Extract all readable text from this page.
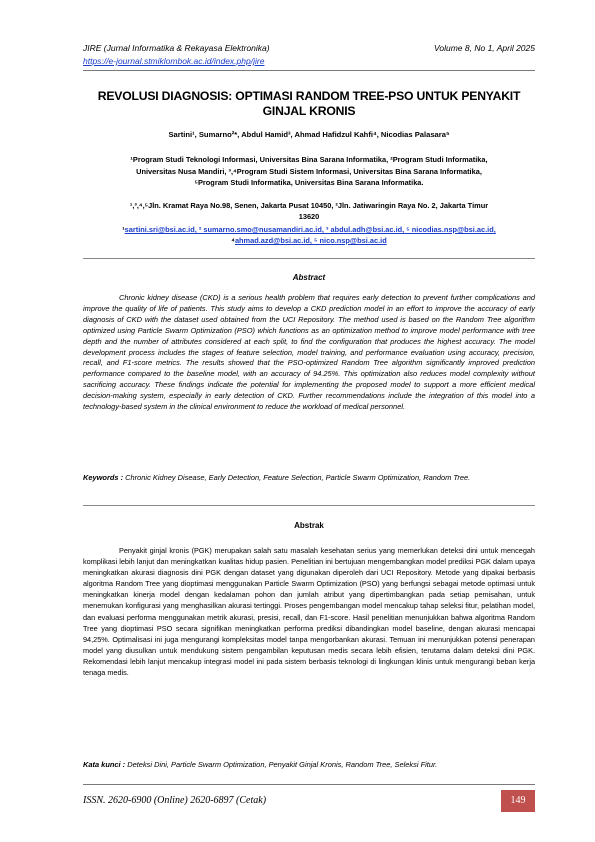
JIRE (Jurnal Informatika & Rekayasa Elektronika)	Volume 8, No 1, April 2025
https://e-journal.stmiklombok.ac.id/index.php/jire
REVOLUSI DIAGNOSIS: OPTIMASI RANDOM TREE-PSO UNTUK PENYAKIT GINJAL KRONIS
Sartini¹, Sumarno²*, Abdul Hamid³, Ahmad Hafidzul Kahfi⁴, Nicodias Palasara⁵
¹Program Studi Teknologi Informasi, Universitas Bina Sarana Informatika, ²Program Studi Informatika,
Universitas Nusa Mandiri, ³,⁴Program Studi Sistem Informasi, Universitas Bina Sarana Informatika,
⁵Program Studi Informatika, Universitas Bina Sarana Informatika.
¹,³,⁴,⁵Jln. Kramat Raya No.98, Senen, Jakarta Pusat 10450, ²Jln. Jatiwaringin Raya No. 2, Jakarta Timur
13620
¹sartini.sri@bsi.ac.id, ² sumarno.smo@nusamandiri.ac.id, ³ abdul.adh@bsi.ac.id, ⁵ nicodias.nsp@bsi.ac.id,
⁴ahmad.azd@bsi.ac.id, ⁵ nico.nsp@bsi.ac.id
Abstract
Chronic kidney disease (CKD) is a serious health problem that requires early detection to prevent further complications and improve the quality of life of patients. This study aims to develop a CKD prediction model in an effort to improve the accuracy of early diagnosis of CKD with the dataset used obtained from the UCI Repository. The method used is based on the Random Tree algorithm optimized using Particle Swarm Optimization (PSO) which functions as an optimization method to improve model performance with tree depth and the number of attributes considered at each split, to find the configuration that produces the highest accuracy. The model development process includes the stages of feature selection, model training, and performance evaluation using accuracy, precision, recall, and F1-score metrics. The results showed that the PSO-optimized Random Tree algorithm significantly improved prediction performance compared to the baseline model, with an accuracy of 94.25%. This optimization also reduces model complexity without sacrificing accuracy. These findings indicate the potential for implementing the proposed model to support a more efficient medical decision-making system, especially in early detection of CKD. Further recommendations include the integration of this model into a technology-based system in the clinical environment to reduce the workload of medical personnel.
Keywords : Chronic Kidney Disease, Early Detection, Feature Selection, Particle Swarm Optimization, Random Tree.
Abstrak
Penyakit ginjal kronis (PGK) merupakan salah satu masalah kesehatan serius yang memerlukan deteksi dini untuk mencegah komplikasi lebih lanjut dan meningkatkan kualitas hidup pasien. Penelitian ini bertujuan mengembangkan model prediksi PGK dalam upaya meningkatkan akurasi diagnosis dini PGK dengan dataset yang digunakan diperoleh dari UCI Repository. Metode yang dipakai berbasis algoritma Random Tree yang dioptimasi menggunakan Particle Swarm Optimization (PSO) yang berfungsi sebagai metode optimasi untuk meningkatkan kinerja model dengan kedalaman pohon dan jumlah atribut yang dipertimbangkan pada setiap pemisahan, untuk menemukan konfigurasi yang menghasilkan akurasi tertinggi. Proses pengembangan model mencakup tahap seleksi fitur, pelatihan model, dan evaluasi performa menggunakan metrik akurasi, presisi, recall, dan F1-score. Hasil penelitian menunjukkan bahwa algoritma Random Tree yang dioptimasi PSO secara signifikan meningkatkan performa prediksi dibandingkan model baseline, dengan akurasi mencapai 94,25%. Optimalisasi ini juga mengurangi kompleksitas model tanpa mengorbankan akurasi. Temuan ini menunjukkan potensi penerapan model yang diusulkan untuk mendukung sistem pengambilan keputusan medis secara lebih efisien, terutama dalam deteksi dini PGK. Rekomendasi lebih lanjut mencakup integrasi model ini pada sistem berbasis teknologi di lingkungan klinis untuk mengurangi beban kerja tenaga medis.
Kata kunci : Deteksi Dini, Particle Swarm Optimization, Penyakit Ginjal Kronis, Random Tree, Seleksi Fitur.
ISSN. 2620-6900 (Online) 2620-6897 (Cetak)	149
